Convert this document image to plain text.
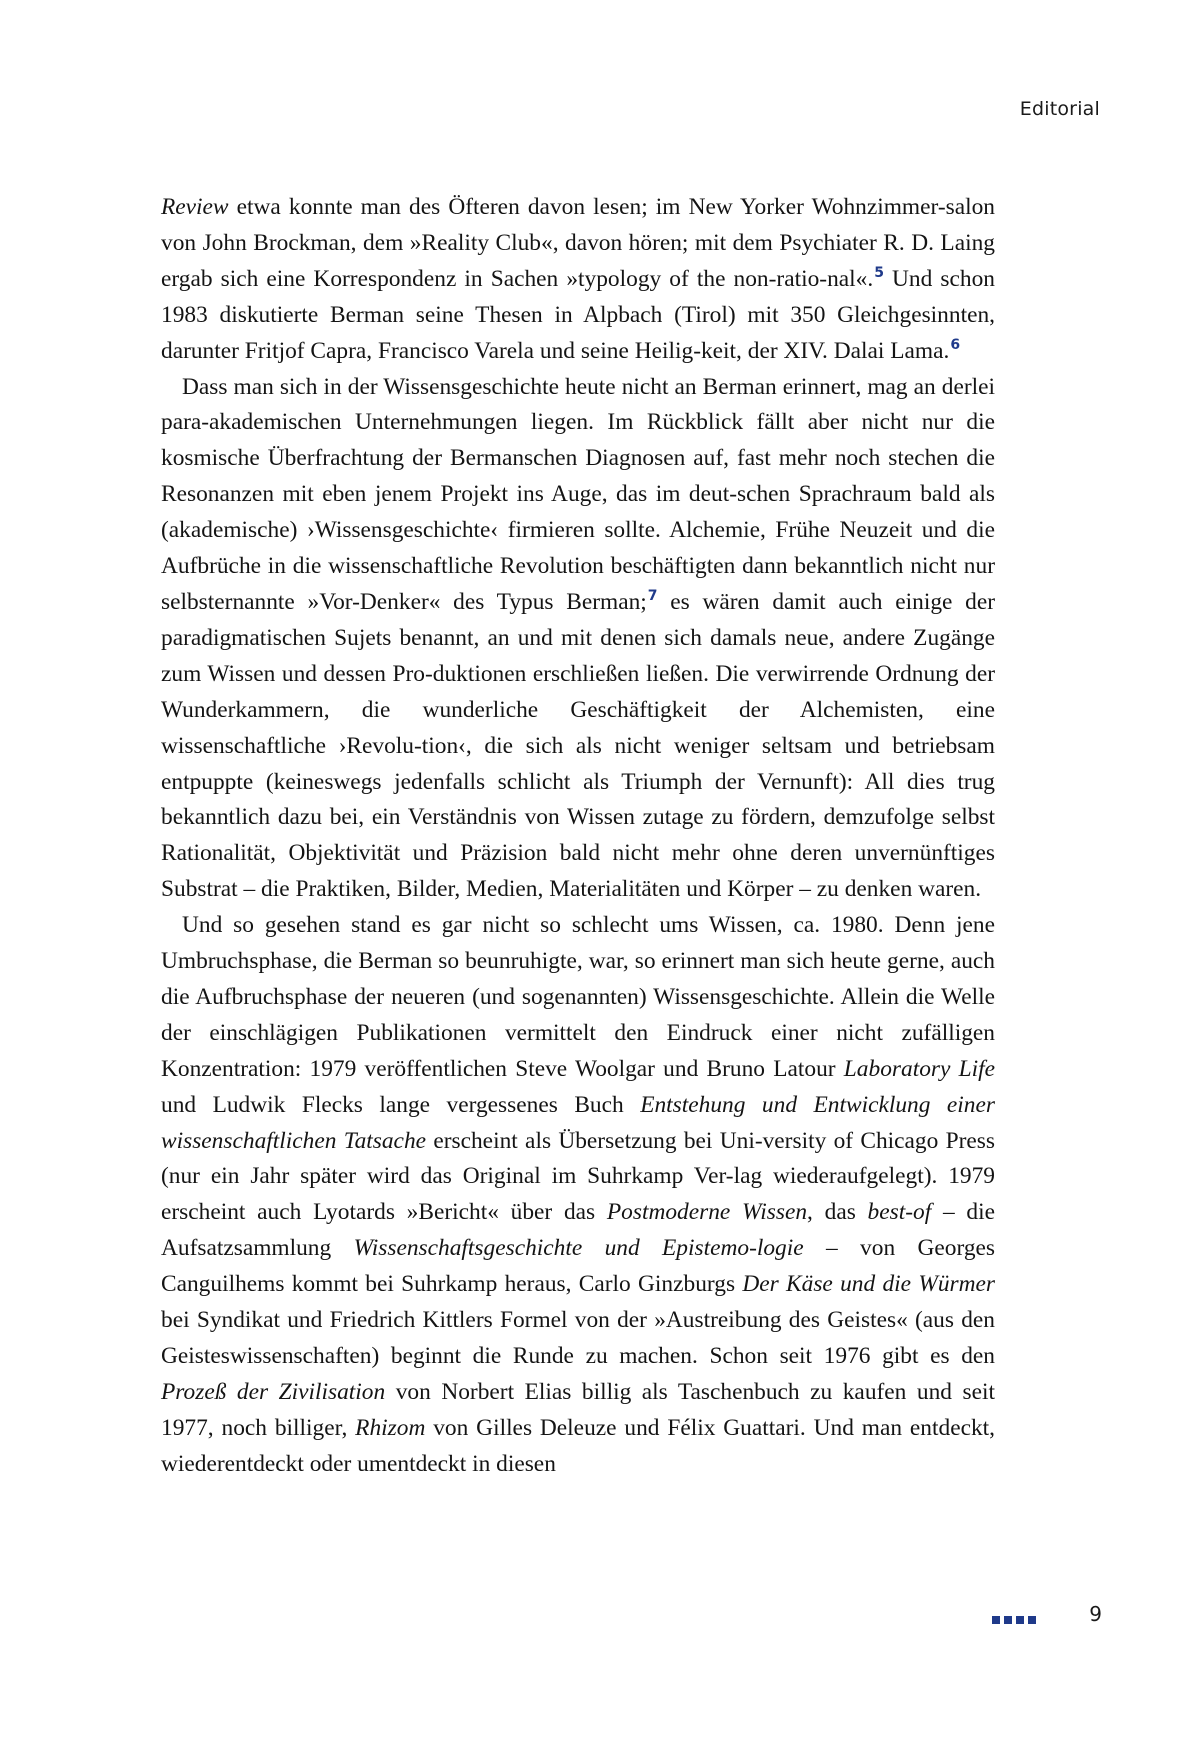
Editorial

Review etwa konnte man des Öfteren davon lesen; im New Yorker Wohnzimmer-salon von John Brockman, dem »Reality Club«, davon hören; mit dem Psychiater R. D. Laing ergab sich eine Korrespondenz in Sachen »typology of the non-ratio-nal«.$^5$ Und schon 1983 diskutierte Berman seine Thesen in Alpbach (Tirol) mit 350 Gleichgesinnten, darunter Fritjof Capra, Francisco Varela und seine Heilig-keit, der XIV. Dalai Lama.$^6$

Dass man sich in der Wissensgeschichte heute nicht an Berman erinnert, mag an derlei para-akademischen Unternehmungen liegen. Im Rückblick fällt aber nicht nur die kosmische Überfrachtung der Bermanschen Diagnosen auf, fast mehr noch stechen die Resonanzen mit eben jenem Projekt ins Auge, das im deut-schen Sprachraum bald als (akademische) ›Wissensgeschichte‹ firmieren sollte. Alchemie, Frühe Neuzeit und die Aufbrüche in die wissenschaftliche Revolution beschäftigten dann bekanntlich nicht nur selbsternannte »Vor-Denker« des Typus Berman;$^7$ es wären damit auch einige der paradigmatischen Sujets benannt, an und mit denen sich damals neue, andere Zugänge zum Wissen und dessen Pro-duktionen erschließen ließen. Die verwirrende Ordnung der Wunderkammern, die wunderliche Geschäftigkeit der Alchemisten, eine wissenschaftliche ›Revolu-tion‹, die sich als nicht weniger seltsam und betriebsam entpuppte (keineswegs jedenfalls schlicht als Triumph der Vernunft): All dies trug bekanntlich dazu bei, ein Verständnis von Wissen zutage zu fördern, demzufolge selbst Rationalität, Objektivität und Präzision bald nicht mehr ohne deren unvernünftiges Substrat – die Praktiken, Bilder, Medien, Materialitäten und Körper – zu denken waren.

Und so gesehen stand es gar nicht so schlecht ums Wissen, ca. 1980. Denn jene Umbruchsphase, die Berman so beunruhigte, war, so erinnert man sich heute gerne, auch die Aufbruchsphase der neueren (und sogenannten) Wissensgeschichte. Allein die Welle der einschlägigen Publikationen vermittelt den Eindruck einer nicht zufälligen Konzentration: 1979 veröffentlichen Steve Woolgar und Bruno Latour Laboratory Life und Ludwik Flecks lange vergessenes Buch Entstehung und Entwicklung einer wissenschaftlichen Tatsache erscheint als Übersetzung bei Uni-versity of Chicago Press (nur ein Jahr später wird das Original im Suhrkamp Ver-lag wiederaufgelegt). 1979 erscheint auch Lyotards »Bericht« über das Postmoderne Wissen, das best-of – die Aufsatzsammlung Wissenschaftsgeschichte und Epistemo-logie – von Georges Canguilhems kommt bei Suhrkamp heraus, Carlo Ginzburgs Der Käse und die Würmer bei Syndikat und Friedrich Kittlers Formel von der »Austreibung des Geistes« (aus den Geisteswissenschaften) beginnt die Runde zu machen. Schon seit 1976 gibt es den Prozeß der Zivilisation von Norbert Elias billig als Taschenbuch zu kaufen und seit 1977, noch billiger, Rhizom von Gilles Deleuze und Félix Guattari. Und man entdeckt, wiederentdeckt oder umentdeckt in diesen

9
